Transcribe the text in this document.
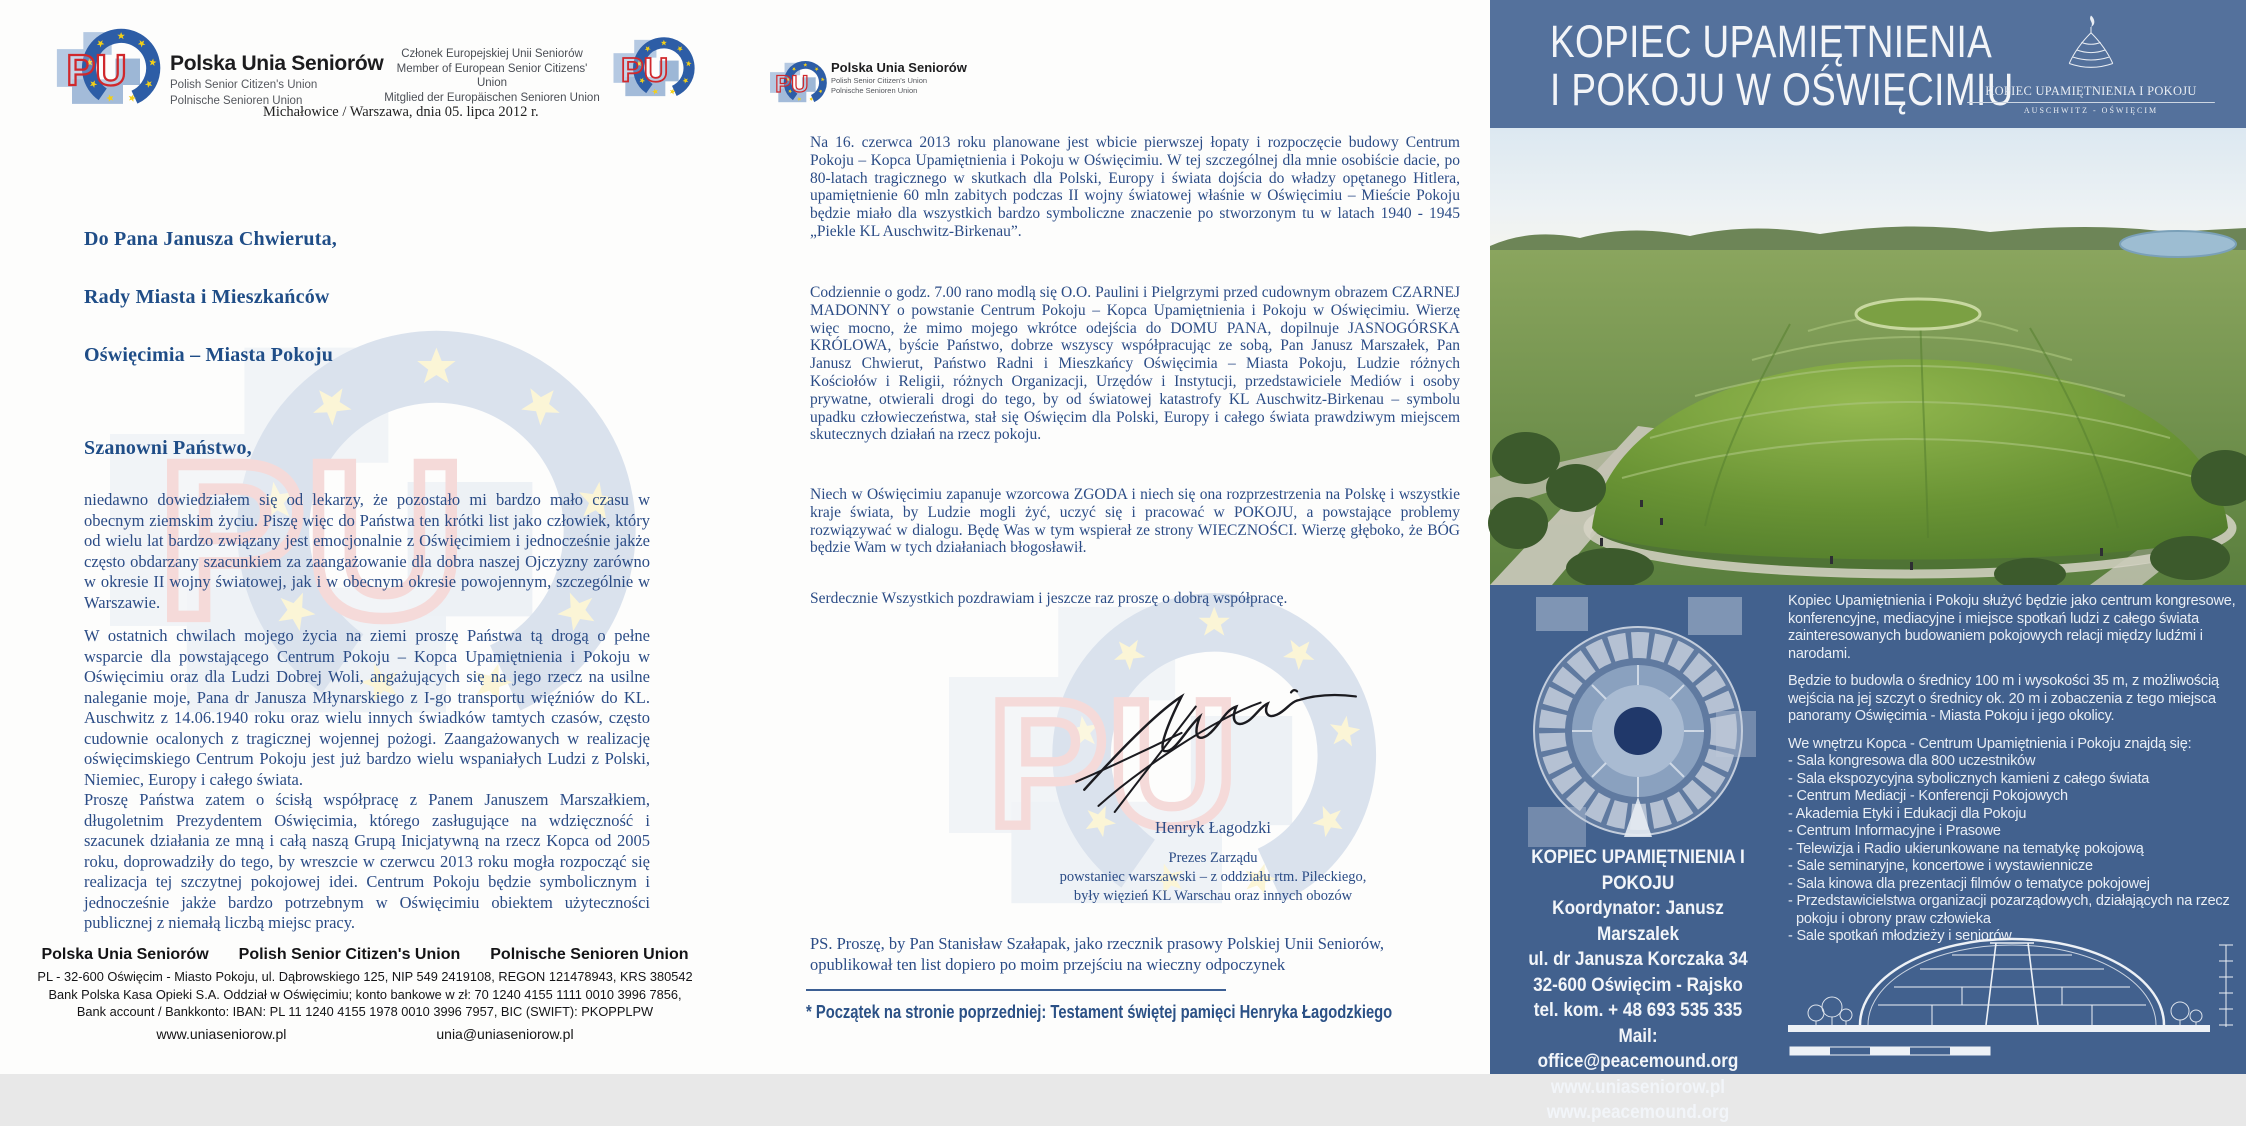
Polska Unia Seniorów
Polish Senior Citizen's Union
Polnische Senioren Union
Członek Europejskiej Unii Seniorów
Member of European Senior Citizens' Union
Mitglied der Europäischen Senioren Union
Michałowice / Warszawa, dnia 05. lipca 2012 r.
Do Pana Janusza Chwieruta,
Rady Miasta i Mieszkańców
Oświęcimia – Miasta Pokoju
Szanowni Państwo,
niedawno dowiedziałem się od lekarzy, że pozostało mi bardzo mało czasu w obecnym ziemskim życiu. Piszę więc do Państwa ten krótki list jako człowiek, który od wielu lat bardzo związany jest emocjonalnie z Oświęcimiem i jednocześnie jakże często obdarzany szacunkiem za zaangażowanie dla dobra naszej Ojczyzny zarówno w okresie II wojny światowej, jak i w obecnym okresie powojennym, szczególnie w Warszawie.
W ostatnich chwilach mojego życia na ziemi proszę Państwa tą drogą o pełne wsparcie dla powstającego Centrum Pokoju – Kopca Upamiętnienia i Pokoju w Oświęcimiu oraz dla Ludzi Dobrej Woli, angażujących się na jego rzecz na usilne naleganie moje, Pana dr Janusza Młynarskiego z I-go transportu więźniów do KL. Auschwitz z 14.06.1940 roku oraz wielu innych świadków tamtych czasów, często cudownie ocalonych z tragicznej wojennej pożogi. Zaangażowanych w realizację oświęcimskiego Centrum Pokoju jest już bardzo wielu wspaniałych Ludzi z Polski, Niemiec, Europy i całego świata.
Proszę Państwa zatem o ścisłą współpracę z Panem Januszem Marszałkiem, długoletnim Prezydentem Oświęcimia, którego zasługujące na wdzięczność i szacunek działania ze mną i całą naszą Grupą Inicjatywną na rzecz Kopca od 2005 roku, doprowadziły do tego, by wreszcie w czerwcu 2013 roku mogła rozpocząć się realizacja tej szczytnej pokojowej idei. Centrum Pokoju będzie symbolicznym i jednocześnie jakże bardzo potrzebnym w Oświęcimiu obiektem użyteczności publicznej z niemałą liczbą miejsc pracy.
Polska Unia Seniorów Polish Senior Citizen's Union Polnische Senioren Union
PL - 32-600 Oświęcim - Miasto Pokoju, ul. Dąbrowskiego 125, NIP 549 2419108, REGON 121478943, KRS 380542
Bank Polska Kasa Opieki S.A. Oddział w Oświęcimiu; konto bankowe w zł: 70 1240 4155 1111 0010 3996 7856,
Bank account / Bankkonto: IBAN: PL 11 1240 4155 1978 0010 3996 7957, BIC (SWIFT): PKOPPLPW
www.uniaseniorow.pl	unia@uniaseniorow.pl
Polska Unia Seniorów
Polish Senior Citizen's Union
Polnische Senioren Union
Na 16. czerwca 2013 roku planowane jest wbicie pierwszej łopaty i rozpoczęcie budowy Centrum Pokoju – Kopca Upamiętnienia i Pokoju w Oświęcimiu. W tej szczególnej dla mnie osobiście dacie, po 80-latach tragicznego w skutkach dla Polski, Europy i świata dojścia do władzy opętanego Hitlera, upamiętnienie 60 mln zabitych podczas II wojny światowej właśnie w Oświęcimiu – Mieście Pokoju będzie miało dla wszystkich bardzo symboliczne znaczenie po stworzonym tu w latach 1940 - 1945 „Piekle KL Auschwitz-Birkenau”.
Codziennie o godz. 7.00 rano modlą się O.O. Paulini i Pielgrzymi przed cudownym obrazem CZARNEJ MADONNY o powstanie Centrum Pokoju – Kopca Upamiętnienia i Pokoju w Oświęcimiu. Wierzę więc mocno, że mimo mojego wkrótce odejścia do DOMU PANA, dopilnuje JASNOGÓRSKA KRÓLOWA, byście Państwo, dobrze wszyscy współpracując ze sobą, Pan Janusz Marszałek, Pan Janusz Chwierut, Państwo Radni i Mieszkańcy Oświęcimia – Miasta Pokoju, Ludzie różnych Kościołów i Religii, różnych Organizacji, Urzędów i Instytucji, przedstawiciele Mediów i osoby prywatne, otwierali drogi do tego, by od światowej katastrofy KL Auschwitz-Birkenau – symbolu upadku człowieczeństwa, stał się Oświęcim dla Polski, Europy i całego świata prawdziwym miejscem skutecznych działań na rzecz pokoju.
Niech w Oświęcimiu zapanuje wzorcowa ZGODA i niech się ona rozprzestrzenia na Polskę i wszystkie kraje świata, by Ludzie mogli żyć, uczyć się i pracować w POKOJU, a powstające problemy rozwiązywać w dialogu. Będę Was w tym wspierał ze strony WIECZNOŚCI. Wierzę głęboko, że BÓG będzie Wam w tych działaniach błogosławił.
Serdecznie Wszystkich pozdrawiam i jeszcze raz proszę o dobrą współpracę.
Henryk Łagodzki
Prezes Zarządu
powstaniec warszawski – z oddziału rtm. Pileckiego,
były więzień KL Warschau oraz innych obozów
PS. Proszę, by Pan Stanisław Szałapak, jako rzecznik prasowy Polskiej Unii Seniorów, opublikował ten list dopiero po moim przejściu na wieczny odpoczynek
* Początek na stronie poprzedniej: Testament świętej pamięci Henryka Łagodzkiego
KOPIEC UPAMIĘTNIENIA
I POKOJU W OŚWIĘCIMIU
KOPIEC UPAMIĘTNIENIA I POKOJU
AUSCHWITZ - OŚWIĘCIM

Kopiec Upamiętnienia i Pokoju służyć będzie jako centrum kongresowe, konferencyjne, mediacyjne i miejsce spotkań ludzi z całego świata zainteresowanych budowaniem pokojowych relacji między ludźmi i narodami.

Będzie to budowla o średnicy 100 m i wysokości 35 m, z możliwością wejścia na jej szczyt o średnicy ok. 20 m i zobaczenia z tego miejsca panoramy Oświęcimia - Miasta Pokoju i jego okolicy.

We wnętrzu Kopca - Centrum Upamiętnienia i Pokoju znajdą się:

- Sala kongresowa dla 800 uczestników
- Sala ekspozycyjna sybolicznych kamieni z całego świata
- Centrum Mediacji - Konferencji Pokojowych
- Akademia Etyki i Edukacji dla Pokoju
- Centrum Informacyjne i Prasowe
- Telewizja i Radio ukierunkowane na tematykę pokojową
- Sale seminaryjne, koncertowe i wystawiennicze
- Sala kinowa dla prezentacji filmów o tematyce pokojowej
- Przedstawicielstwa organizacji pozarządowych, działających na rzecz pokoju i obrony praw człowieka
- Sale spotkań młodzieży i seniorów
KOPIEC UPAMIĘTNIENIA I POKOJU
Koordynator: Janusz Marszalek
ul. dr Janusza Korczaka 34
32-600 Oświęcim - Rajsko
tel. kom. + 48 693 535 335
Mail: office@peacemound.org
www.uniaseniorow.pl
www.peacemound.org
